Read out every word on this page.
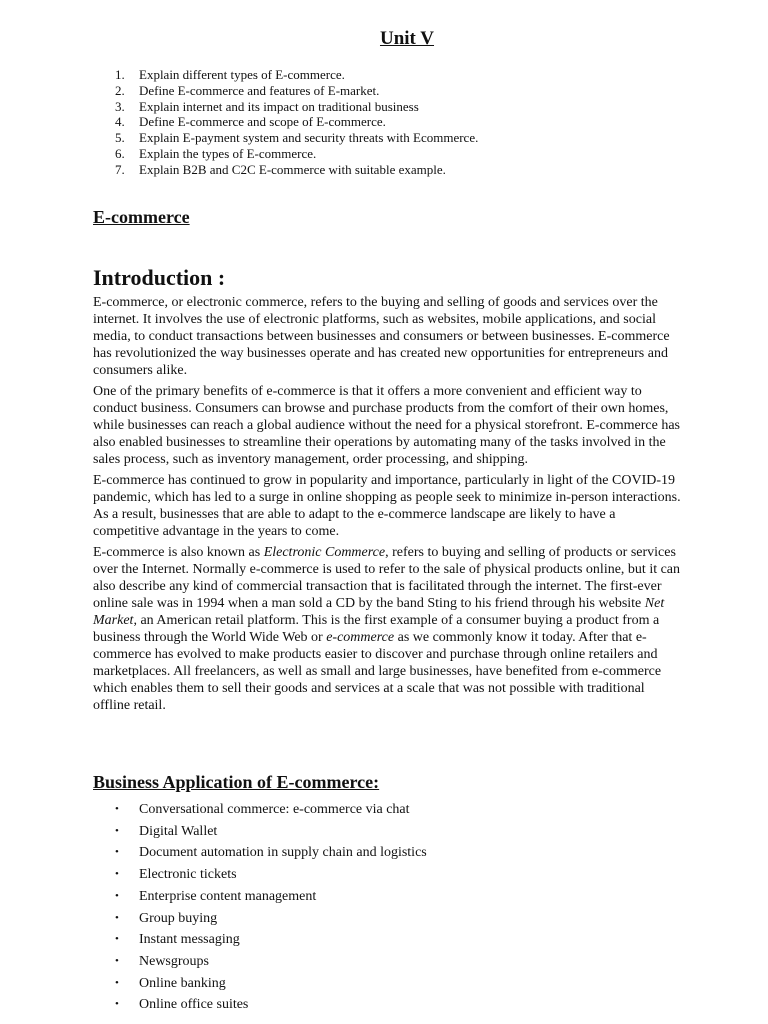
Unit V
1.	Explain different types of E-commerce.
2.	Define E-commerce and features of E-market.
3.	Explain internet and its impact on traditional business
4.	Define E-commerce and scope of E-commerce.
5.	Explain E-payment system and security threats with Ecommerce.
6.	Explain the types of E-commerce.
7.	Explain B2B and C2C E-commerce with suitable example.
E-commerce
Introduction :

E-commerce, or electronic commerce, refers to the buying and selling of goods and services over the internet. It involves the use of electronic platforms, such as websites, mobile applications, and social media, to conduct transactions between businesses and consumers or between businesses. E-commerce has revolutionized the way businesses operate and has created new opportunities for entrepreneurs and consumers alike.

One of the primary benefits of e-commerce is that it offers a more convenient and efficient way to conduct business. Consumers can browse and purchase products from the comfort of their own homes, while businesses can reach a global audience without the need for a physical storefront. E-commerce has also enabled businesses to streamline their operations by automating many of the tasks involved in the sales process, such as inventory management, order processing, and shipping.

E-commerce has continued to grow in popularity and importance, particularly in light of the COVID-19 pandemic, which has led to a surge in online shopping as people seek to minimize in-person interactions. As a result, businesses that are able to adapt to the e-commerce landscape are likely to have a competitive advantage in the years to come.

E-commerce is also known as Electronic Commerce, refers to buying and selling of products or services over the Internet. Normally e-commerce is used to refer to the sale of physical products online, but it can also describe any kind of commercial transaction that is facilitated through the internet. The first-ever online sale was in 1994 when a man sold a CD by the band Sting to his friend through his website Net Market, an American retail platform. This is the first example of a consumer buying a product from a business through the World Wide Web or e-commerce as we commonly know it today. After that e-commerce has evolved to make products easier to discover and purchase through online retailers and marketplaces. All freelancers, as well as small and large businesses, have benefited from e-commerce which enables them to sell their goods and services at a scale that was not possible with traditional offline retail.

Business Application of E-commerce:
•	Conversational commerce: e-commerce via chat
•	Digital Wallet
•	Document automation in supply chain and logistics
•	Electronic tickets
•	Enterprise content management
•	Group buying
•	Instant messaging
•	Newsgroups
•	Online banking
•	Online office suites
